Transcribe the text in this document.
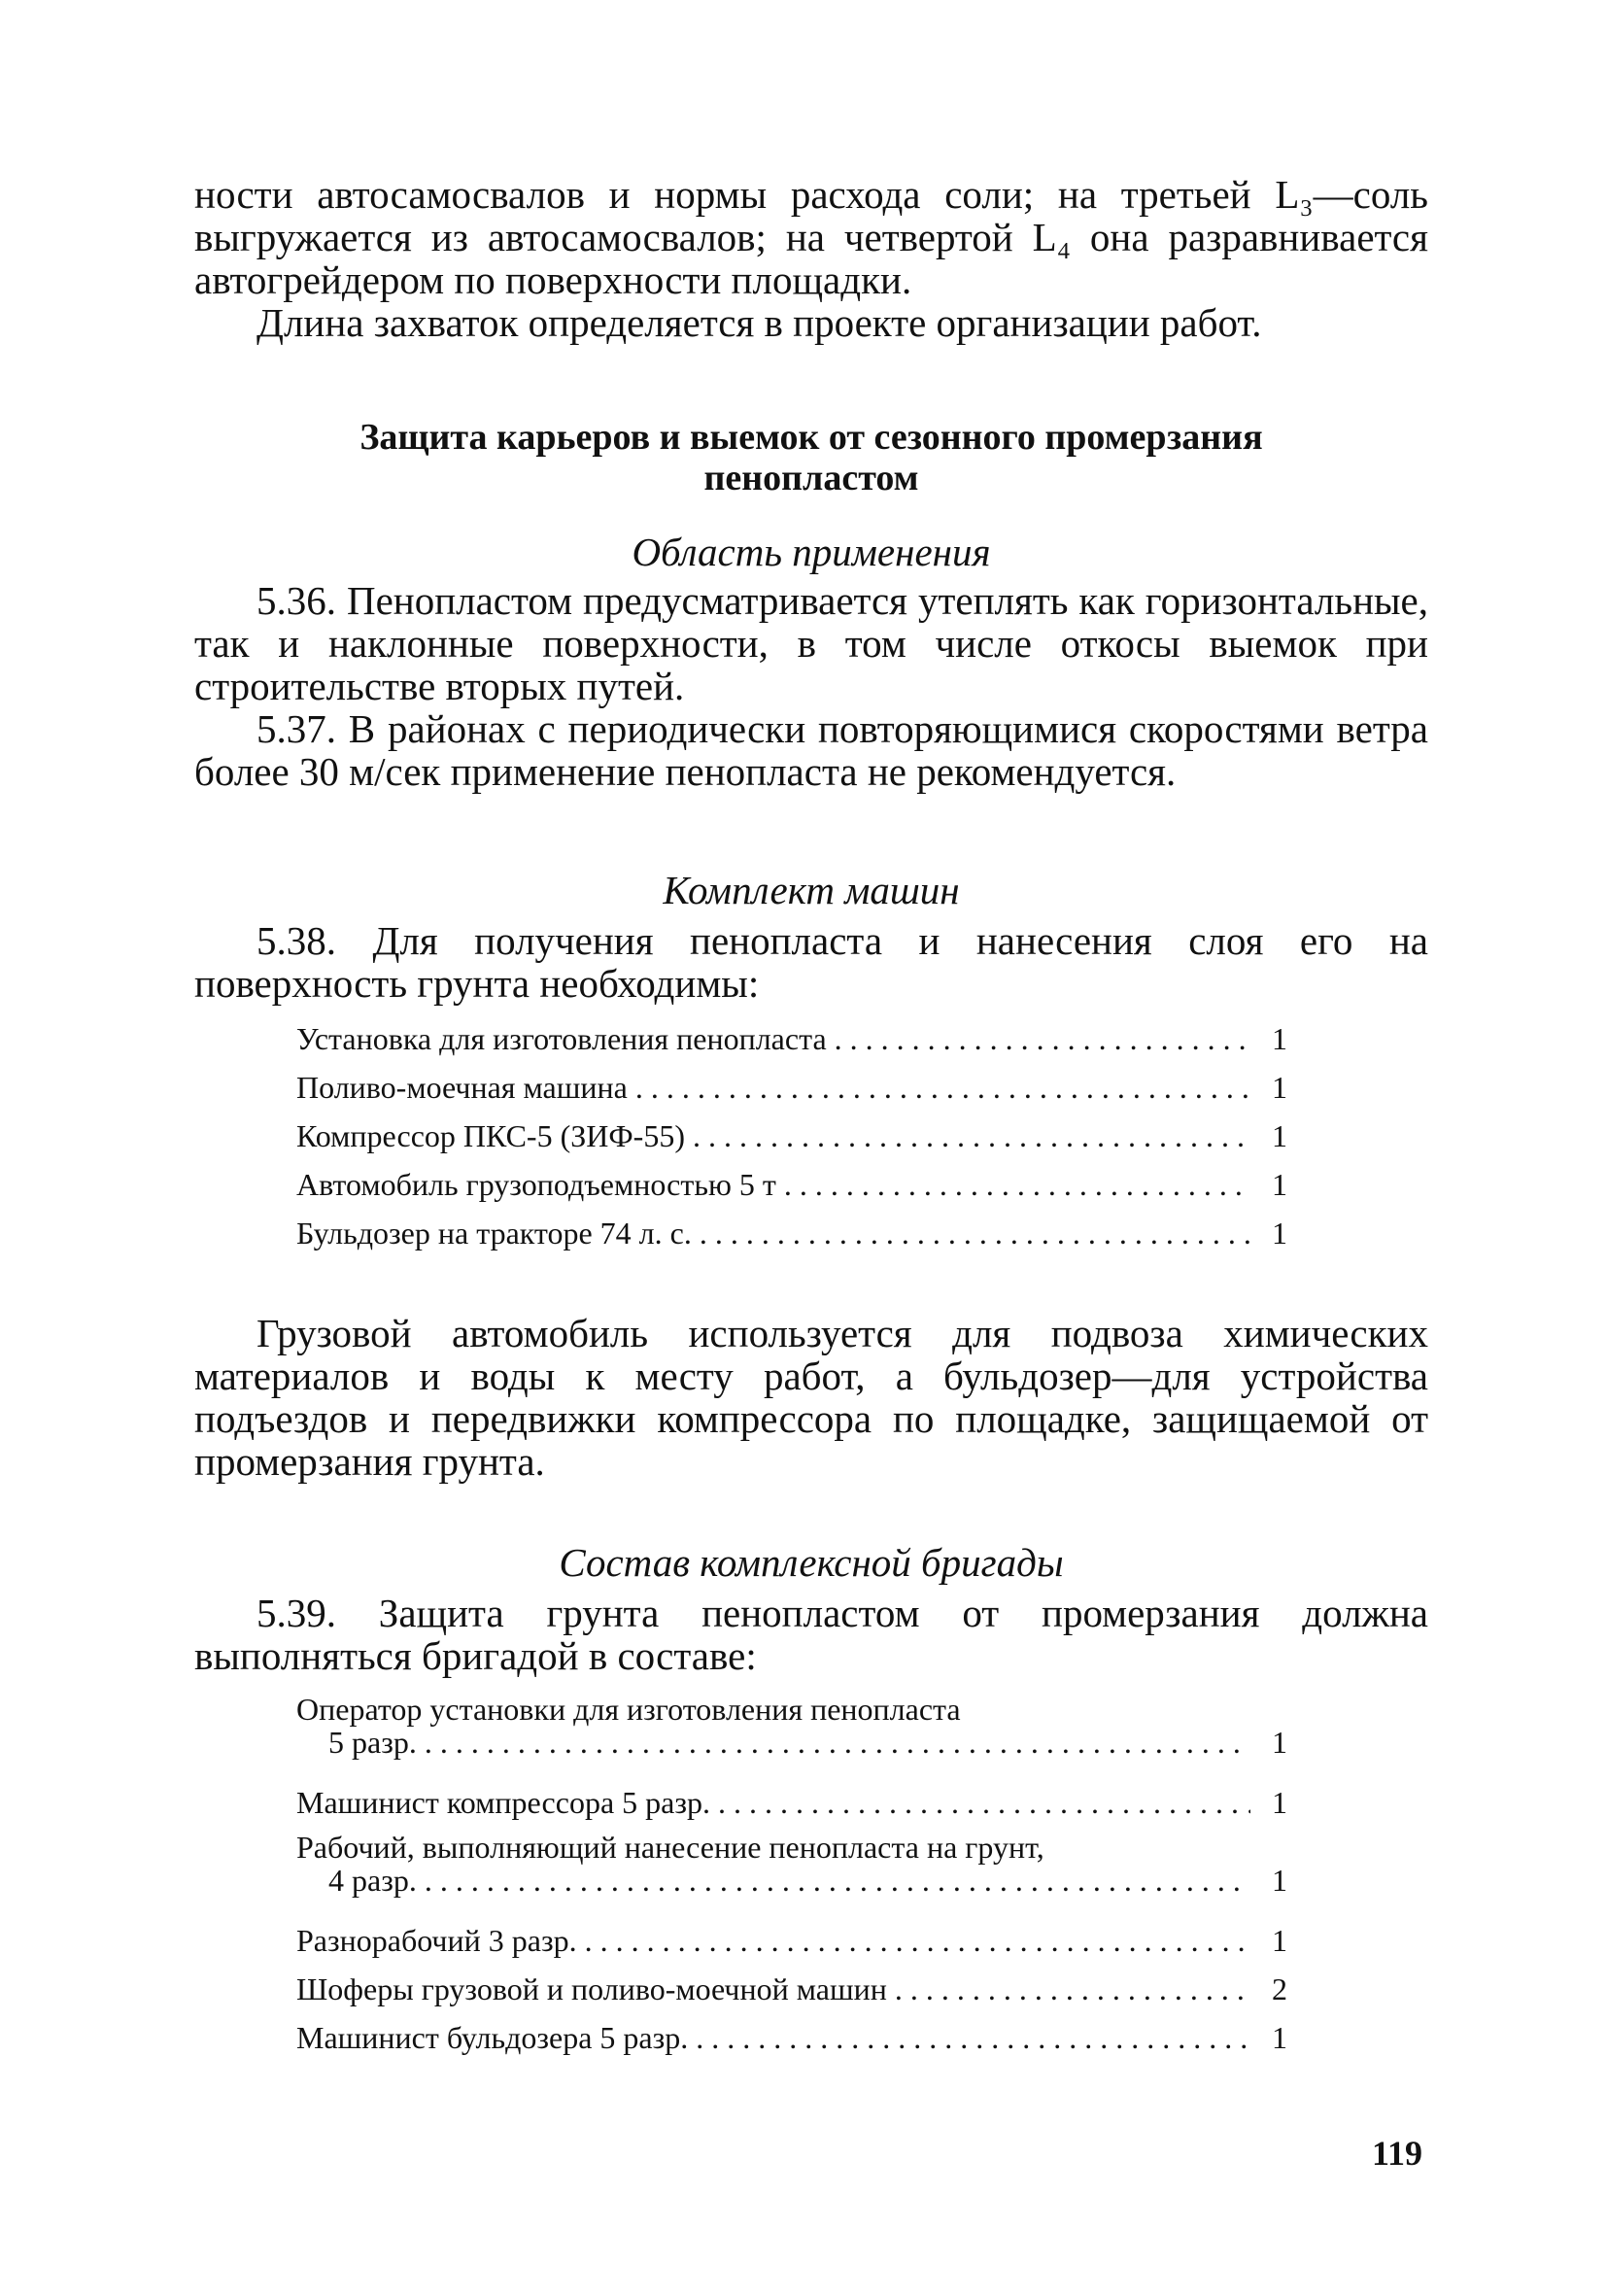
ности автосамосвалов и нормы расхода соли; на третьей L₃—соль выгружается из автосамосвалов; на четвертой L₄ она разравнивается автогрейдером по поверхности площадки.

Длина захваток определяется в проекте организации работ.

Защита карьеров и выемок от сезонного промерзания
пенопластом
Область применения

5.36. Пенопластом предусматривается утеплять как горизонтальные, так и наклонные поверхности, в том числе откосы выемок при строительстве вторых путей.

5.37. В районах с периодически повторяющимися скоростями ветра более 30 м/сек применение пенопласта не рекомендуется.

Комплект машин

5.38. Для получения пенопласта и нанесения слоя его на поверхность грунта необходимы:

Установка для изготовления пенопласта . . .	1
Поливо-моечная машина . . .	1
Компрессор ПКС-5 (ЗИФ-55) . . .	1
Автомобиль грузоподъемностью 5 т . . .	1
Бульдозер на тракторе 74 л. с. . . .	1

Грузовой автомобиль используется для подвоза химических материалов и воды к месту работ, а бульдозер—для устройства подъездов и передвижки компрессора по площадке, защищаемой от промерзания грунта.

Состав комплексной бригады

5.39. Защита грунта пенопластом от промерзания должна выполняться бригадой в составе:

Оператор установки для изготовления пенопласта
5 разр. . . .	1
Машинист компрессора 5 разр. . . .	1
Рабочий, выполняющий нанесение пенопласта на грунт,
4 разр. . . .	1
Разнорабочий 3 разр. . . .	1
Шоферы грузовой и поливо-моечной машин . . .	2
Машинист бульдозера 5 разр. . . .	1
119
